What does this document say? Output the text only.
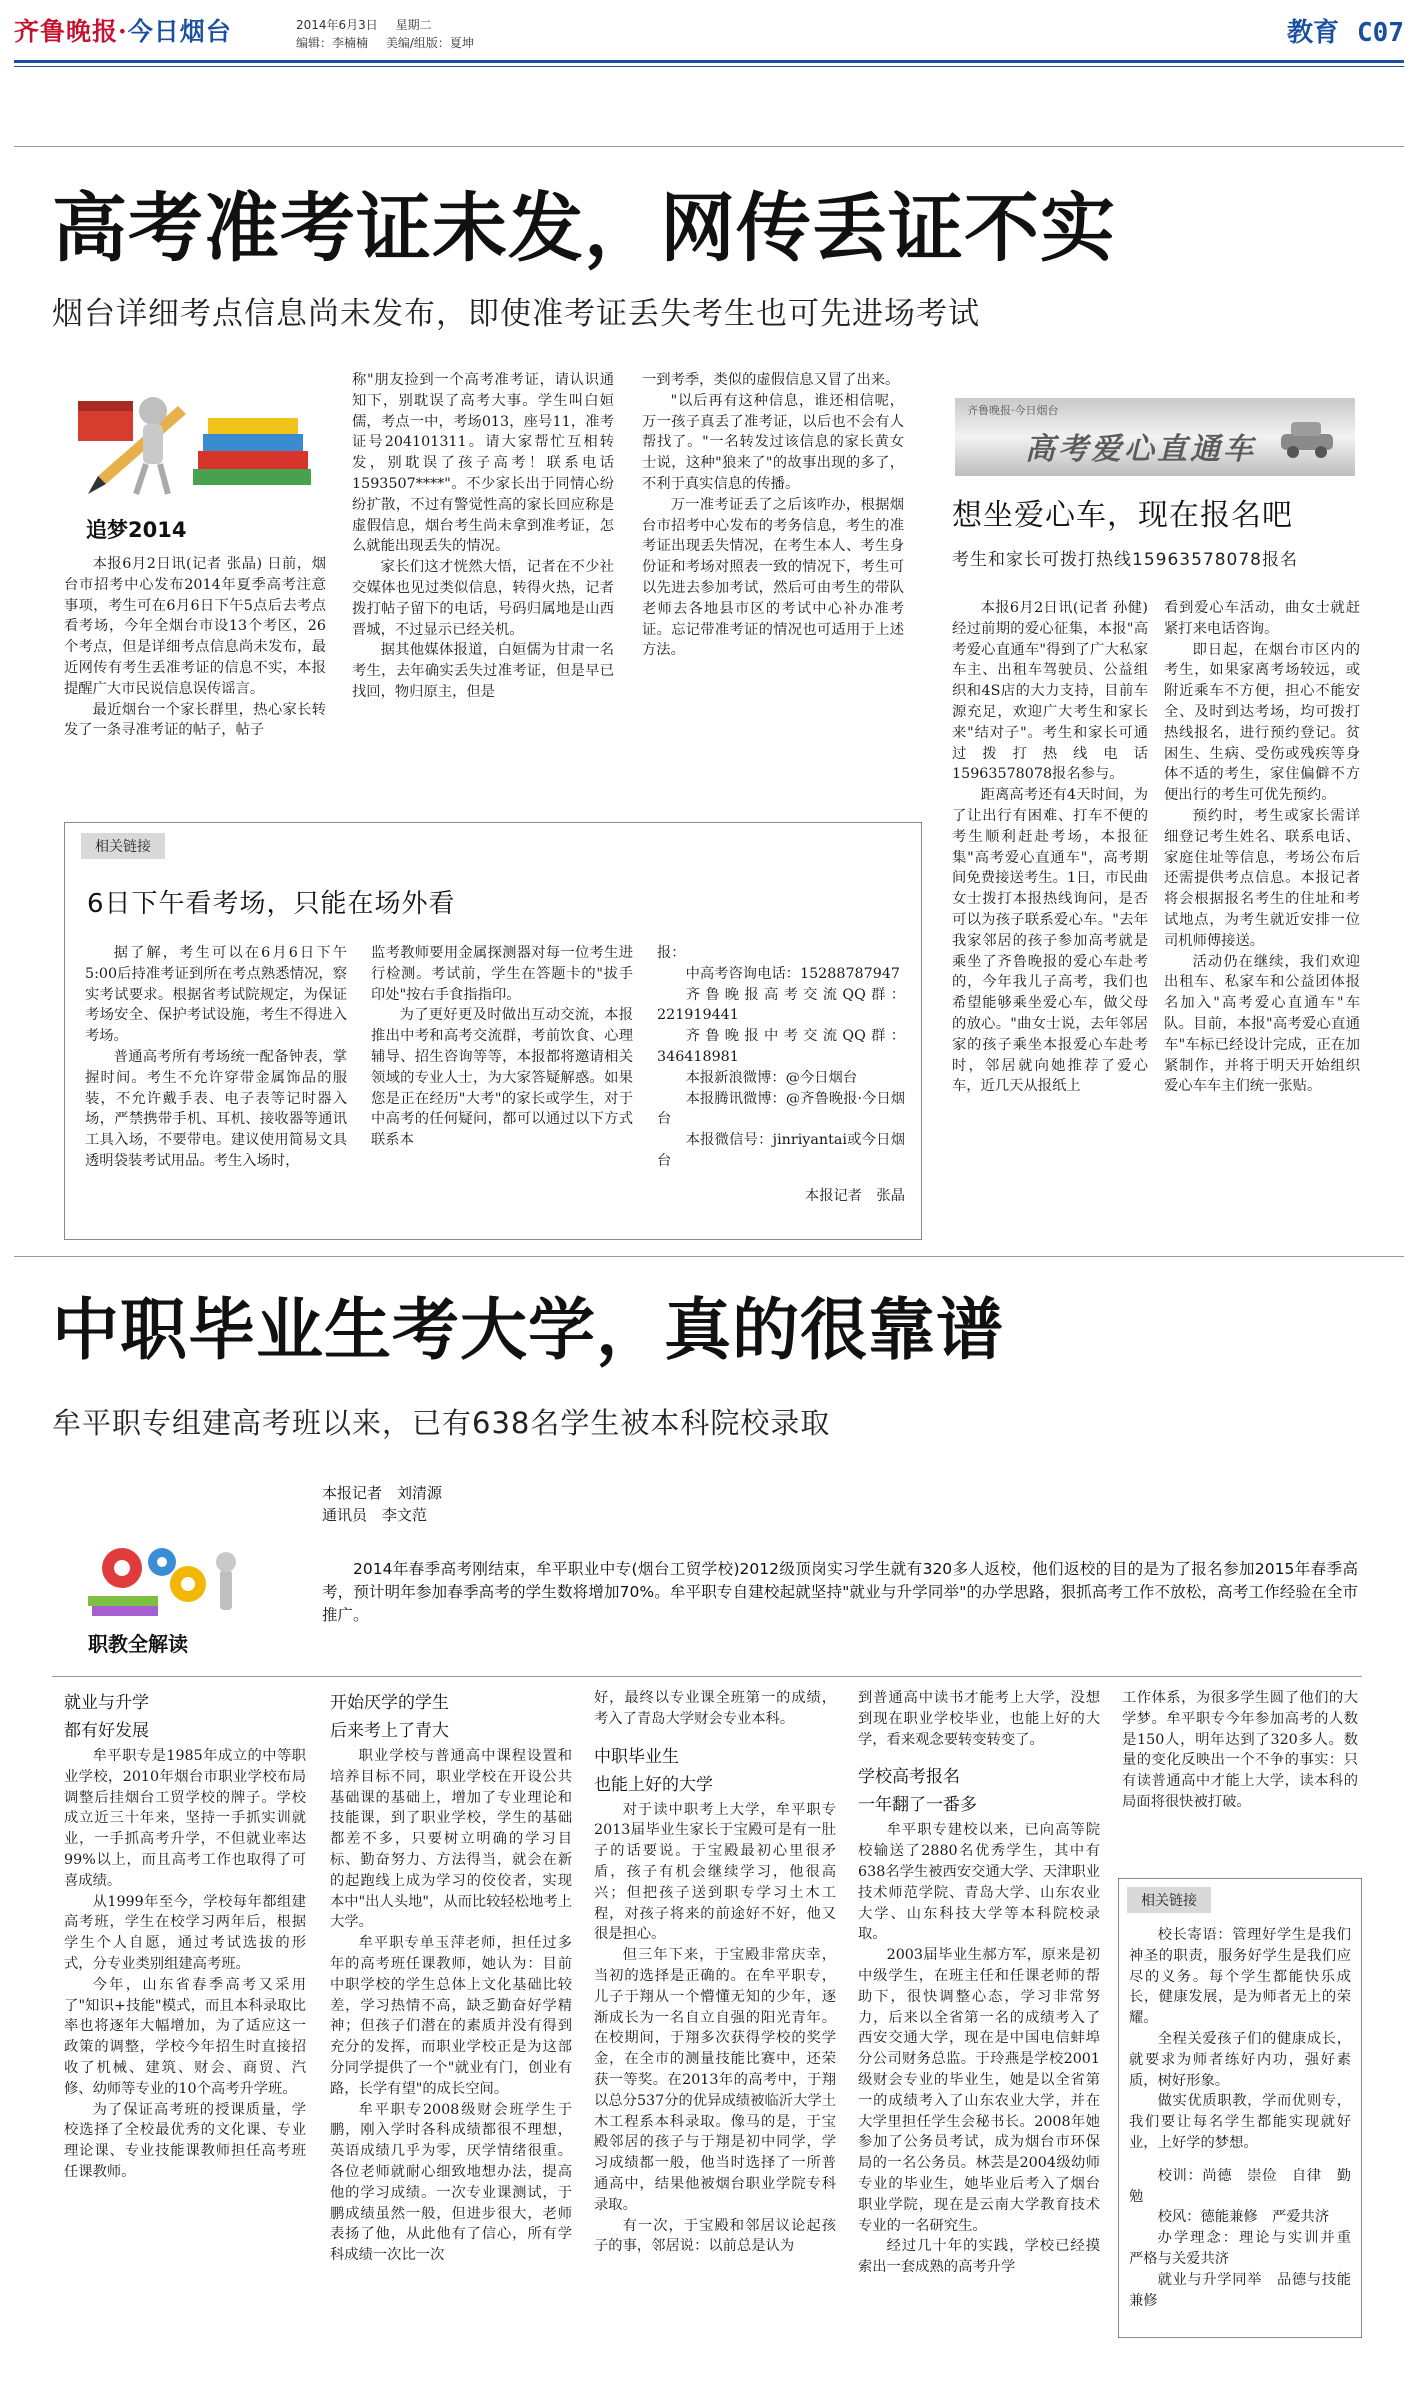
齐鲁晚报·今日烟台	2014年6月3日 星期二
编辑：李楠楠 美编/组版：夏坤	教育 C07
高考准考证未发，网传丢证不实
烟台详细考点信息尚未发布，即使准考证丢失考生也可先进场考试
追梦2014

本报6月2日讯(记者 张晶) 日前，烟台市招考中心发布2014年夏季高考注意事项，考生可在6月6日下午5点后去考点看考场，今年全烟台市设13个考区，26个考点，但是详细考点信息尚未发布，最近网传有考生丢准考证的信息不实，本报提醒广大市民说信息误传谣言。

最近烟台一个家长群里，热心家长转发了一条寻准考证的帖子，帖子

称"朋友捡到一个高考准考证，请认识通知下，别耽误了高考大事。学生叫白姮儒，考点一中，考场013，座号11，准考证号204101311。请大家帮忙互相转发，别耽误了孩子高考！联系电话1593507****"。不少家长出于同情心纷纷扩散，不过有警觉性高的家长回应称是虚假信息，烟台考生尚未拿到准考证，怎么就能出现丢失的情况。

家长们这才恍然大悟，记者在不少社交媒体也见过类似信息，转得火热，记者拨打帖子留下的电话，号码归属地是山西晋城，不过显示已经关机。

据其他媒体报道，白姮儒为甘肃一名考生，去年确实丢失过准考证，但是早已找回，物归原主，但是

一到考季，类似的虚假信息又冒了出来。

"以后再有这种信息，谁还相信呢，万一孩子真丢了准考证，以后也不会有人帮找了。"一名转发过该信息的家长黄女士说，这种"狼来了"的故事出现的多了，不利于真实信息的传播。

万一准考证丢了之后该咋办，根据烟台市招考中心发布的考务信息，考生的准考证出现丢失情况，在考生本人、考生身份证和考场对照表一致的情况下，考生可以先进去参加考试，然后可由考生的带队老师去各地县市区的考试中心补办准考证。忘记带准考证的情况也可适用于上述方法。

相关链接
6日下午看考场，只能在场外看

据了解，考生可以在6月6日下午5:00后持准考证到所在考点熟悉情况，察实考试要求。根据省考试院规定，为保证考场安全、保护考试设施，考生不得进入考场。

普通高考所有考场统一配备钟表，掌握时间。考生不允许穿带金属饰品的服装，不允许戴手表、电子表等记时器入场，严禁携带手机、耳机、接收器等通讯工具入场，不要带电。建议使用简易文具透明袋装考试用品。考生入场时，

监考教师要用金属探测器对每一位考生进行检测。考试前，学生在答题卡的"拔手印处"按右手食指指印。

为了更好更及时做出互动交流，本报推出中考和高考交流群，考前饮食、心理辅导、招生咨询等等，本报都将邀请相关领域的专业人士，为大家答疑解惑。如果您是正在经历"大考"的家长或学生，对于中高考的任何疑问，都可以通过以下方式联系本

报：

中高考咨询电话：15288787947

齐鲁晚报高考交流QQ群：221919441

齐鲁晚报中考交流QQ群：346418981

本报新浪微博：@今日烟台

本报腾讯微博：@齐鲁晚报·今日烟台

本报微信号：jinriyantai或今日烟台

本报记者　张晶

齐鲁晚报·今日烟台
高考爱心直通车
想坐爱心车，现在报名吧
考生和家长可拨打热线15963578078报名

本报6月2日讯(记者 孙健) 经过前期的爱心征集，本报"高考爱心直通车"得到了广大私家车主、出租车驾驶员、公益组织和4S店的大力支持，目前车源充足，欢迎广大考生和家长来"结对子"。考生和家长可通过拨打热线电话15963578078报名参与。

距离高考还有4天时间，为了让出行有困难、打车不便的考生顺利赶赴考场，本报征集"高考爱心直通车"，高考期间免费接送考生。1日，市民曲女士拨打本报热线询问，是否可以为孩子联系爱心车。"去年我家邻居的孩子参加高考就是乘坐了齐鲁晚报的爱心车赴考的，今年我儿子高考，我们也希望能够乘坐爱心车，做父母的放心。"曲女士说，去年邻居家的孩子乘坐本报爱心车赴考时，邻居就向她推荐了爱心车，近几天从报纸上

看到爱心车活动，曲女士就赶紧打来电话咨询。

即日起，在烟台市区内的考生，如果家离考场较远，或附近乘车不方便，担心不能安全、及时到达考场，均可拨打热线报名，进行预约登记。贫困生、生病、受伤或残疾等身体不适的考生，家住偏僻不方便出行的考生可优先预约。

预约时，考生或家长需详细登记考生姓名、联系电话、家庭住址等信息，考场公布后还需提供考点信息。本报记者将会根据报名考生的住址和考试地点，为考生就近安排一位司机师傅接送。

活动仍在继续，我们欢迎出租车、私家车和公益团体报名加入"高考爱心直通车"车队。目前，本报"高考爱心直通车"车标已经设计完成，正在加紧制作，并将于明天开始组织爱心车车主们统一张贴。

中职毕业生考大学，真的很靠谱
牟平职专组建高考班以来，已有638名学生被本科院校录取
本报记者　刘清源
通讯员　李文范
职教全解读
2014年春季高考刚结束，牟平职业中专(烟台工贸学校)2012级顶岗实习学生就有320多人返校，他们返校的目的是为了报名参加2015年春季高考，预计明年参加春季高考的学生数将增加70%。牟平职专自建校起就坚持"就业与升学同举"的办学思路，狠抓高考工作不放松，高考工作经验在全市推广。
就业与升学
都有好发展

牟平职专是1985年成立的中等职业学校，2010年烟台市职业学校布局调整后挂烟台工贸学校的牌子。学校成立近三十年来，坚持一手抓实训就业，一手抓高考升学，不但就业率达99%以上，而且高考工作也取得了可喜成绩。

从1999年至今，学校每年都组建高考班，学生在校学习两年后，根据学生个人自愿，通过考试选拔的形式，分专业类别组建高考班。

今年，山东省春季高考又采用了"知识+技能"模式，而且本科录取比率也将逐年大幅增加，为了适应这一政策的调整，学校今年招生时直接招收了机械、建筑、财会、商贸、汽修、幼师等专业的10个高考升学班。

为了保证高考班的授课质量，学校选择了全校最优秀的文化课、专业理论课、专业技能课教师担任高考班任课教师。

开始厌学的学生
后来考上了青大

职业学校与普通高中课程设置和培养目标不同，职业学校在开设公共基础课的基础上，增加了专业理论和技能课，到了职业学校，学生的基础都差不多，只要树立明确的学习目标、勤奋努力、方法得当，就会在新的起跑线上成为学习的佼佼者，实现本中"出人头地"，从而比较轻松地考上大学。

牟平职专单玉萍老师，担任过多年的高考班任课教师，她认为：目前中职学校的学生总体上文化基础比较差，学习热情不高，缺乏勤奋好学精神；但孩子们潜在的素质并没有得到充分的发挥，而职业学校正是为这部分同学提供了一个"就业有门，创业有路，长学有望"的成长空间。

牟平职专2008级财会班学生于鹏，刚入学时各科成绩都很不理想，英语成绩几乎为零，厌学情绪很重。各位老师就耐心细致地想办法，提高他的学习成绩。一次专业课测试，于鹏成绩虽然一般，但进步很大，老师表扬了他，从此他有了信心，所有学科成绩一次比一次

好，最终以专业课全班第一的成绩，考入了青岛大学财会专业本科。

中职毕业生
也能上好的大学

对于读中职考上大学，牟平职专2013届毕业生家长于宝殿可是有一肚子的话要说。于宝殿最初心里很矛盾，孩子有机会继续学习，他很高兴；但把孩子送到职专学习土木工程，对孩子将来的前途好不好，他又很是担心。

但三年下来，于宝殿非常庆幸，当初的选择是正确的。在牟平职专，儿子于翔从一个懵懂无知的少年，逐渐成长为一名自立自强的阳光青年。在校期间，于翔多次获得学校的奖学金，在全市的测量技能比赛中，还荣获一等奖。在2013年的高考中，于翔以总分537分的优异成绩被临沂大学土木工程系本科录取。像马的是，于宝殿邻居的孩子与于翔是初中同学，学习成绩都一般，他当时选择了一所普通高中，结果他被烟台职业学院专科录取。

有一次，于宝殿和邻居议论起孩子的事，邻居说：以前总是认为

到普通高中读书才能考上大学，没想到现在职业学校毕业，也能上好的大学，看来观念要转变转变了。

学校高考报名
一年翻了一番多

牟平职专建校以来，已向高等院校输送了2880名优秀学生，其中有638名学生被西安交通大学、天津职业技术师范学院、青岛大学、山东农业大学、山东科技大学等本科院校录取。

2003届毕业生郝方军，原来是初中级学生，在班主任和任课老师的帮助下，很快调整心态，学习非常努力，后来以全省第一名的成绩考入了西安交通大学，现在是中国电信蚌埠分公司财务总监。于玲燕是学校2001级财会专业的毕业生，她是以全省第一的成绩考入了山东农业大学，并在大学里担任学生会秘书长。2008年她参加了公务员考试，成为烟台市环保局的一名公务员。林芸是2004级幼师专业的毕业生，她毕业后考入了烟台职业学院，现在是云南大学教育技术专业的一名研究生。

经过几十年的实践，学校已经摸索出一套成熟的高考升学

工作体系，为很多学生圆了他们的大学梦。牟平职专今年参加高考的人数是150人，明年达到了320多人。数量的变化反映出一个不争的事实：只有读普通高中才能上大学，读本科的局面将很快被打破。

相关链接

校长寄语：管理好学生是我们神圣的职责，服务好学生是我们应尽的义务。每个学生都能快乐成长，健康发展，是为师者无上的荣耀。

全程关爱孩子们的健康成长，就要求为师者练好内功，强好素质，树好形象。

做实优质职教，学而优则专，我们要让每名学生都能实现就好业，上好学的梦想。

校训：尚德　崇俭　自律　勤勉

校风：德能兼修　严爱共济

办学理念：理论与实训并重　严格与关爱共济

就业与升学同举　品德与技能兼修
